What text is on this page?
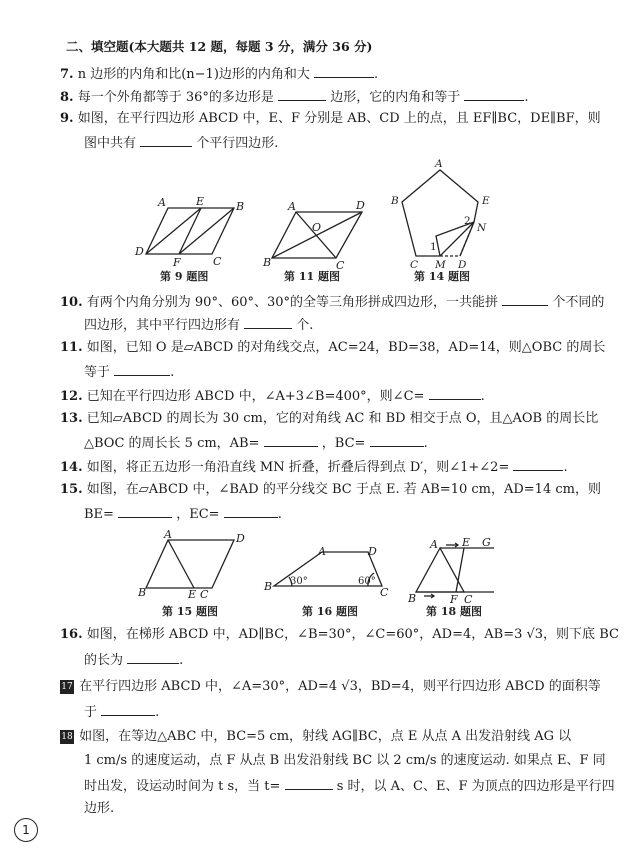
二、填空题(本大题共 12 题，每题 3 分，满分 36 分)
7. n 边形的内角和比(n−1)边形的内角和大	.
8. 每一个外角都等于 36°的多边形是	边形，它的内角和等于	.
9. 如图，在平行四边形 ABCD 中，E、F 分别是 AB、CD 上的点，且 EF∥BC，DE∥BF，则
图中共有	个平行四边形.
A	E	B
D
F	C
第 9 题图
A	D
B	C
O
第 11 题图
A
B	E
N
C M D
1
2
第 14 题图
10. 有两个内角分别为 90°、60°、30°的全等三角形拼成四边形，一共能拼	个不同的
四边形，其中平行四边形有	个.
11. 如图，已知 O 是▱ABCD 的对角线交点，AC=24，BD=38，AD=14，则△OBC 的周长
等于	.
12. 已知在平行四边形 ABCD 中，∠A+3∠B=400°，则∠C=	.
13. 已知▱ABCD 的周长为 30 cm，它的对角线 AC 和 BD 相交于点 O，且△AOB 的周长比
△BOC 的周长长 5 cm，AB=	，BC=	.
14. 如图，将正五边形一角沿直线 MN 折叠，折叠后得到点 D′，则∠1+∠2=	.
15. 如图，在▱ABCD 中，∠BAD 的平分线交 BC 于点 E. 若 AB=10 cm，AD=14 cm，则
BE=	，EC=	.
A	D
B	E C
第 15 题图
A	D
B	C
30°	60°
第 16 题图
A E G
B	F C
第 18 题图
16. 如图，在梯形 ABCD 中，AD∥BC，∠B=30°，∠C=60°，AD=4，AB=3 √3，则下底 BC
的长为	.
17 在平行四边形 ABCD 中，∠A=30°，AD=4 √3，BD=4，则平行四边形 ABCD 的面积等
于	.
18 如图，在等边△ABC 中，BC=5 cm，射线 AG∥BC，点 E 从点 A 出发沿射线 AG 以
1 cm/s 的速度运动，点 F 从点 B 出发沿射线 BC 以 2 cm/s 的速度运动. 如果点 E、F 同
时出发，设运动时间为 t s，当 t=	s 时，以 A、C、E、F 为顶点的四边形是平行四
边形.
1
